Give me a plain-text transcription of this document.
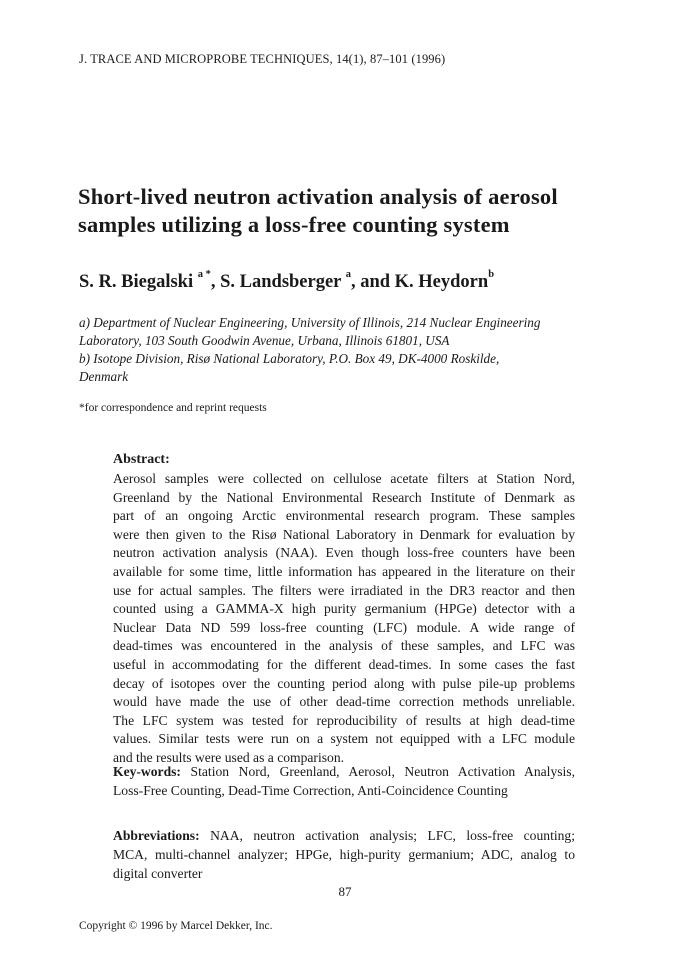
J. TRACE AND MICROPROBE TECHNIQUES, 14(1), 87–101 (1996)
Short-lived neutron activation analysis of aerosol
samples utilizing a loss-free counting system
S. R. Biegalski $^{a *}$, S. Landsberger $^a$, and K. Heydorn$^b$
a) Department of Nuclear Engineering, University of Illinois, 214 Nuclear Engineering
Laboratory, 103 South Goodwin Avenue, Urbana, Illinois 61801, USA
b) Isotope Division, Risø National Laboratory, P.O. Box 49, DK-4000 Roskilde,
Denmark
*for correspondence and reprint requests
Abstract:
Aerosol samples were collected on cellulose acetate filters at Station Nord,
Greenland by the National Environmental Research Institute of Denmark as
part of an ongoing Arctic environmental research program. These samples
were then given to the Risø National Laboratory in Denmark for evaluation by
neutron activation analysis (NAA). Even though loss-free counters have been
available for some time, little information has appeared in the literature on their
use for actual samples. The filters were irradiated in the DR3 reactor and then
counted using a GAMMA-X high purity germanium (HPGe) detector with a
Nuclear Data ND 599 loss-free counting (LFC) module. A wide range of
dead-times was encountered in the analysis of these samples, and LFC was
useful in accommodating for the different dead-times. In some cases the fast
decay of isotopes over the counting period along with pulse pile-up problems
would have made the use of other dead-time correction methods unreliable.
The LFC system was tested for reproducibility of results at high dead-time
values. Similar tests were run on a system not equipped with a LFC module
and the results were used as a comparison.
Key-words: Station Nord, Greenland, Aerosol, Neutron Activation Analysis,
Loss-Free Counting, Dead-Time Correction, Anti-Coincidence Counting
Abbreviations: NAA, neutron activation analysis; LFC, loss-free counting;
MCA, multi-channel analyzer; HPGe, high-purity germanium; ADC, analog to
digital converter
87
Copyright © 1996 by Marcel Dekker, Inc.
